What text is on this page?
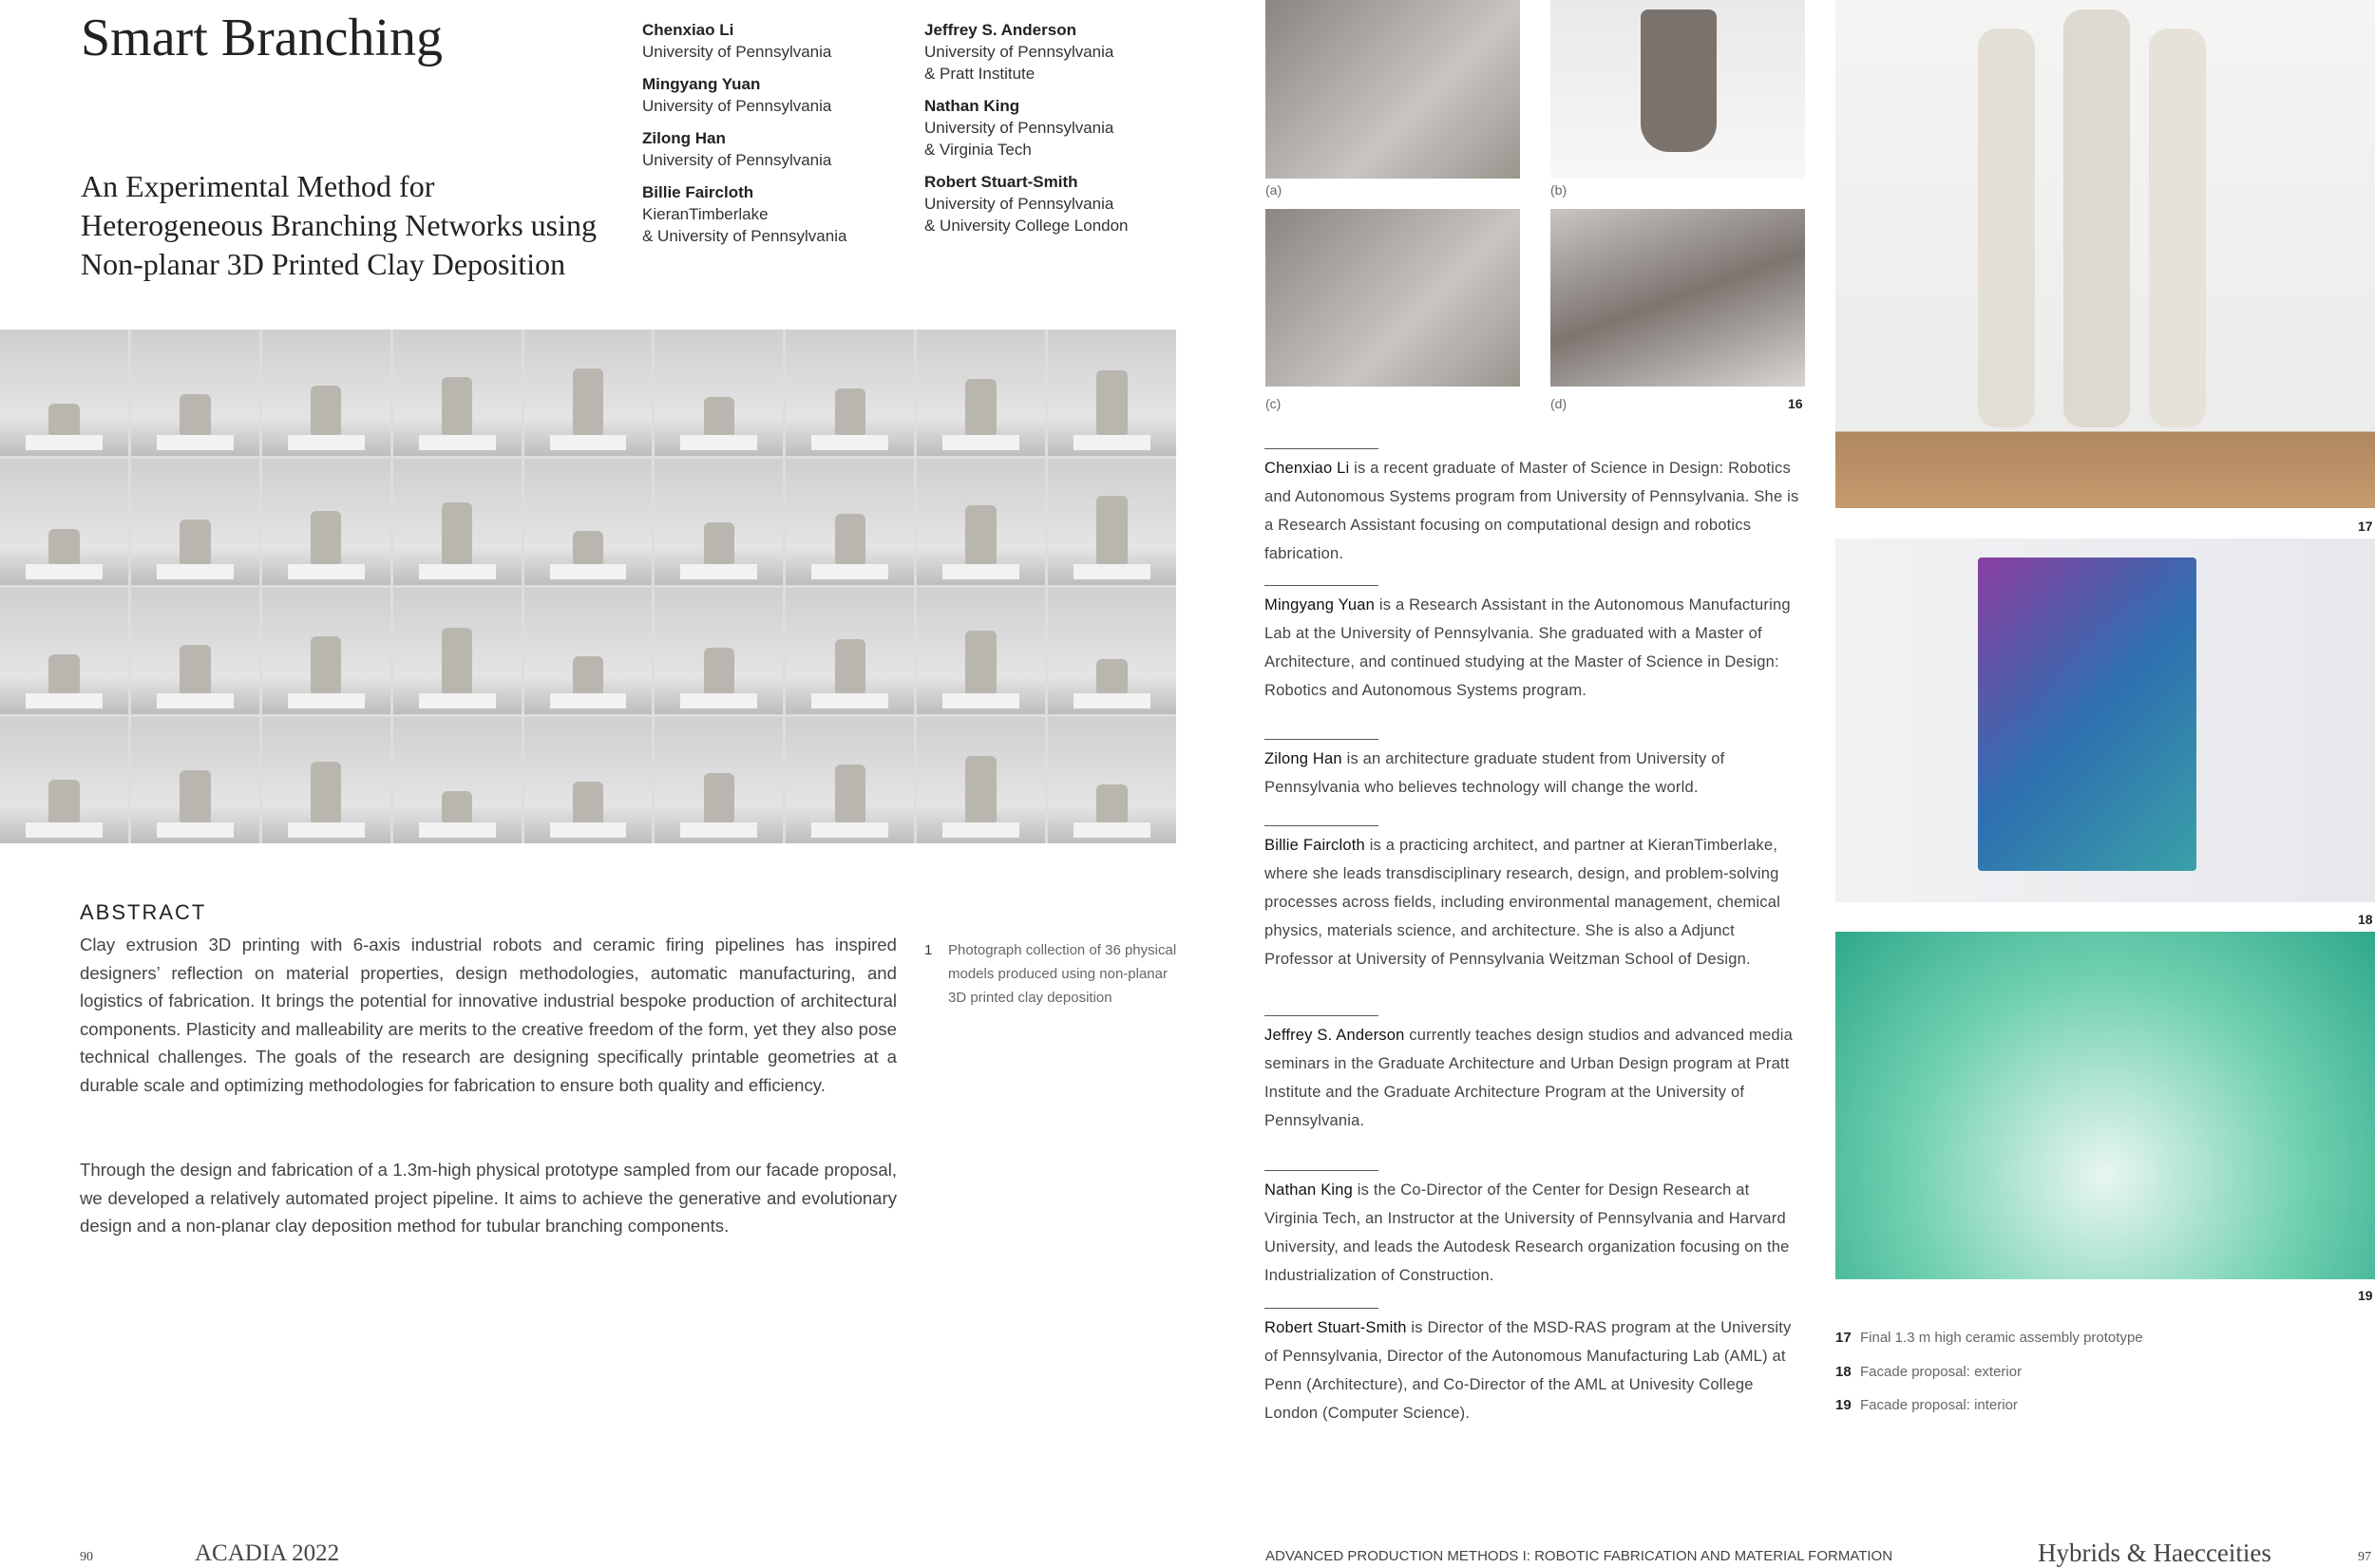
Smart Branching
An Experimental Method for
Heterogeneous Branching Networks using
Non-planar 3D Printed Clay Deposition
Chenxiao Li
University of Pennsylvania
Mingyang Yuan
University of Pennsylvania
Zilong Han
University of Pennsylvania
Billie Faircloth
KieranTimberlake
& University of Pennsylvania
Jeffrey S. Anderson
University of Pennsylvania
& Pratt Institute
Nathan King
University of Pennsylvania
& Virginia Tech
Robert Stuart-Smith
University of Pennsylvania
& University College London
ABSTRACT

Clay extrusion 3D printing with 6-axis industrial robots and ceramic firing pipelines has inspired designers’ reflection on material properties, design methodologies, automatic manufacturing, and logistics of fabrication. It brings the potential for innovative industrial bespoke production of architectural components. Plasticity and malleability are merits to the creative freedom of the form, yet they also pose technical challenges. The goals of the research are designing specifically printable geometries at a durable scale and optimizing methodologies for fabrication to ensure both quality and efficiency.

Through the design and fabrication of a 1.3m-high physical prototype sampled from our facade proposal, we developed a relatively automated project pipeline. It aims to achieve the generative and evolutionary design and a non-planar clay deposition method for tubular branching components.

1	Photograph collection of 36 physical models produced using non-planar 3D printed clay deposition
(a)	(b)
(c)	(d)	16

Chenxiao Li is a recent graduate of Master of Science in Design: Robotics and Autonomous Systems program from University of Pennsylvania. She is a Research Assistant focusing on computational design and robotics fabrication.

Mingyang Yuan is a Research Assistant in the Autonomous Manufacturing Lab at the University of Pennsylvania. She graduated with a Master of Architecture, and continued studying at the Master of Science in Design: Robotics and Autonomous Systems program.

Zilong Han is an architecture graduate student from University of Pennsylvania who believes technology will change the world.

Billie Faircloth is a practicing architect, and partner at KieranTimberlake, where she leads transdisciplinary research, design, and problem-solving processes across fields, including environmental management, chemical physics, materials science, and architecture. She is also a Adjunct Professor at University of Pennsylvania Weitzman School of Design.

Jeffrey S. Anderson currently teaches design studios and advanced media seminars in the Graduate Architecture and Urban Design program at Pratt Institute and the Graduate Architecture Program at the University of Pennsylvania.

Nathan King is the Co-Director of the Center for Design Research at Virginia Tech, an Instructor at the University of Pennsylvania and Harvard University, and leads the Autodesk Research organization focusing on the Industrialization of Construction.

Robert Stuart-Smith is Director of the MSD-RAS program at the University of Pennsylvania, Director of the Autonomous Manufacturing Lab (AML) at Penn (Architecture), and Co-Director of the AML at Univesity College London (Computer Science).

17
18
19
17 Final 1.3 m high ceramic assembly prototype
18 Facade proposal: exterior
19 Facade proposal: interior
90	ACADIA 2022	ADVANCED PRODUCTION METHODS I: ROBOTIC FABRICATION AND MATERIAL FORMATION	Hybrids & Haecceities	97
